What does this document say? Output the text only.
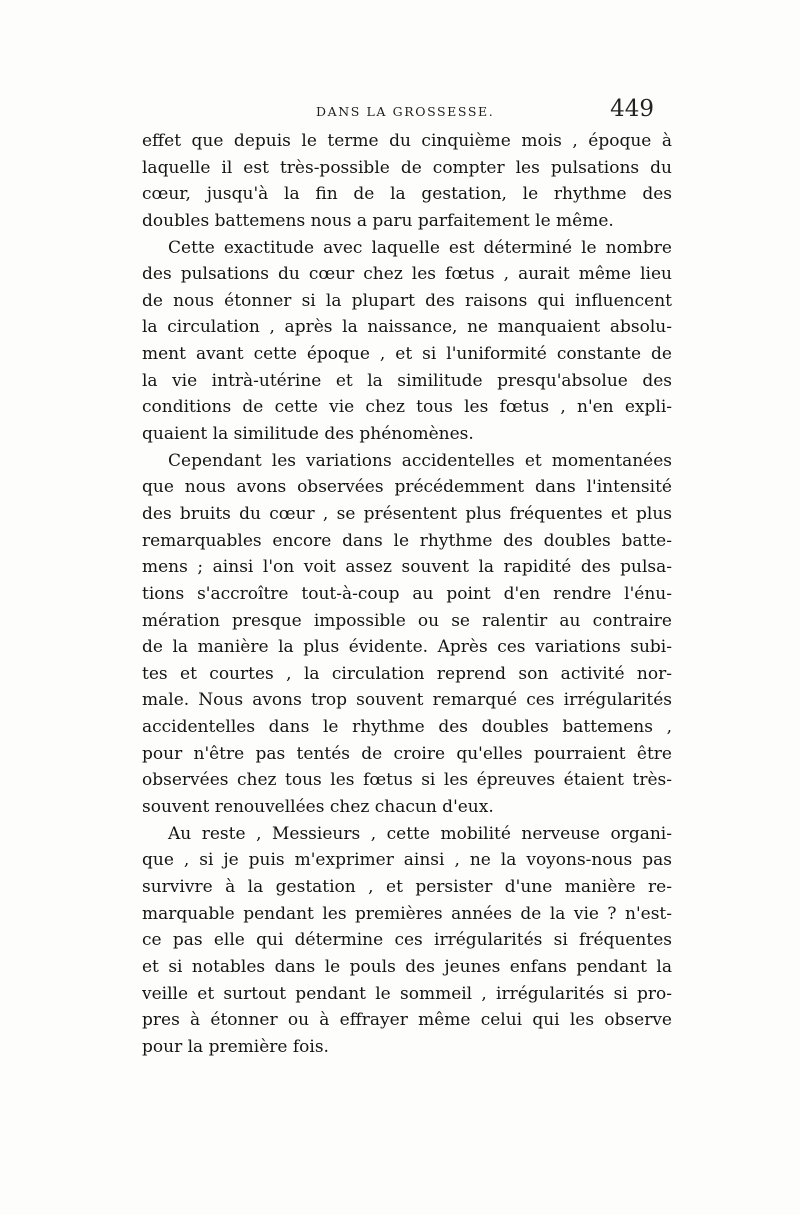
DANS LA GROSSESSE.	449
effet que depuis le terme du cinquième mois , époque à
laquelle il est très-possible de compter les pulsations du
cœur, jusqu'à la fin de la gestation, le rhythme des
doubles battemens nous a paru parfaitement le même.
Cette exactitude avec laquelle est déterminé le nombre
des pulsations du cœur chez les fœtus , aurait même lieu
de nous étonner si la plupart des raisons qui influencent
la circulation , après la naissance, ne manquaient absolu-
ment avant cette époque , et si l'uniformité constante de
la vie intrà-utérine et la similitude presqu'absolue des
conditions de cette vie chez tous les fœtus , n'en expli-
quaient la similitude des phénomènes.
Cependant les variations accidentelles et momentanées
que nous avons observées précédemment dans l'intensité
des bruits du cœur , se présentent plus fréquentes et plus
remarquables encore dans le rhythme des doubles batte-
mens ; ainsi l'on voit assez souvent la rapidité des pulsa-
tions s'accroître tout-à-coup au point d'en rendre l'énu-
mération presque impossible ou se ralentir au contraire
de la manière la plus évidente. Après ces variations subi-
tes et courtes , la circulation reprend son activité nor-
male. Nous avons trop souvent remarqué ces irrégularités
accidentelles dans le rhythme des doubles battemens ,
pour n'être pas tentés de croire qu'elles pourraient être
observées chez tous les fœtus si les épreuves étaient très-
souvent renouvellées chez chacun d'eux.
Au reste , Messieurs , cette mobilité nerveuse organi-
que , si je puis m'exprimer ainsi , ne la voyons-nous pas
survivre à la gestation , et persister d'une manière re-
marquable pendant les premières années de la vie ? n'est-
ce pas elle qui détermine ces irrégularités si fréquentes
et si notables dans le pouls des jeunes enfans pendant la
veille et surtout pendant le sommeil , irrégularités si pro-
pres à étonner ou à effrayer même celui qui les observe
pour la première fois.
